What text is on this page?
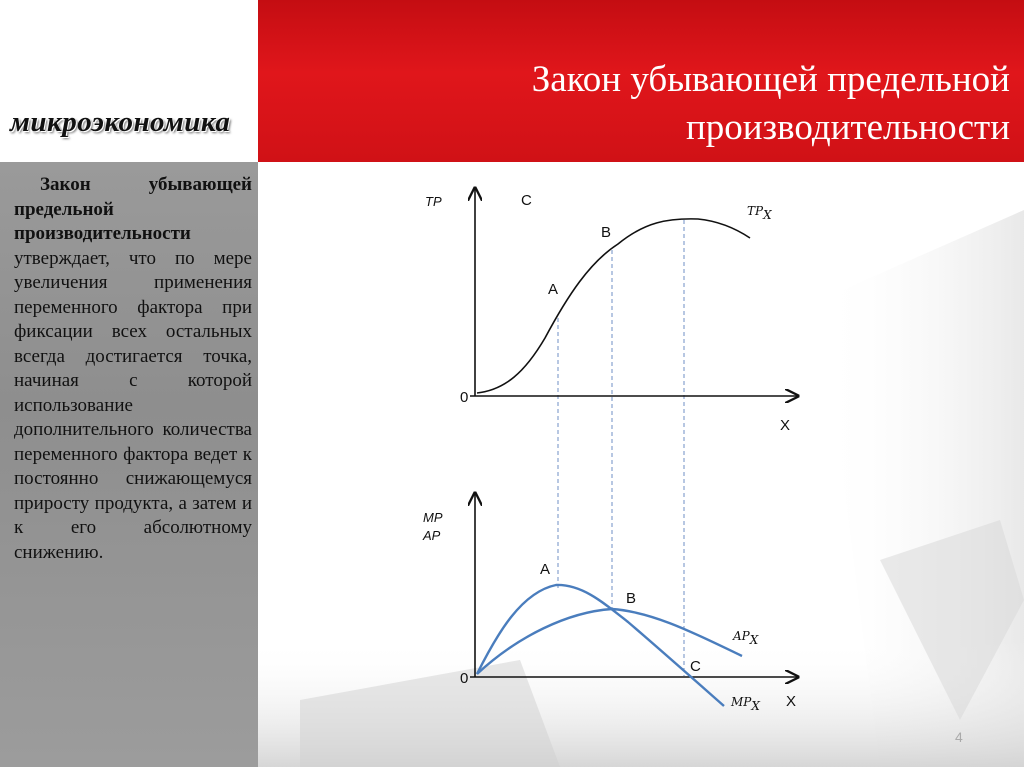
Закон убывающей предельной
производительности
микроэкономика

Закон убывающей предельной производительности утверждает, что по мере увеличения применения переменного фактора при фиксации всех остальных всегда достигается точка, начиная с которой использование дополнительного количества переменного фактора ведет к постоянно снижающемуся приросту продукта, а затем и к его абсолютному снижению.

TP	C
B
A
0
X
$TP_X$
MP
AP
A
B
C
0
X
$AP_X$
$MP_X$
4
